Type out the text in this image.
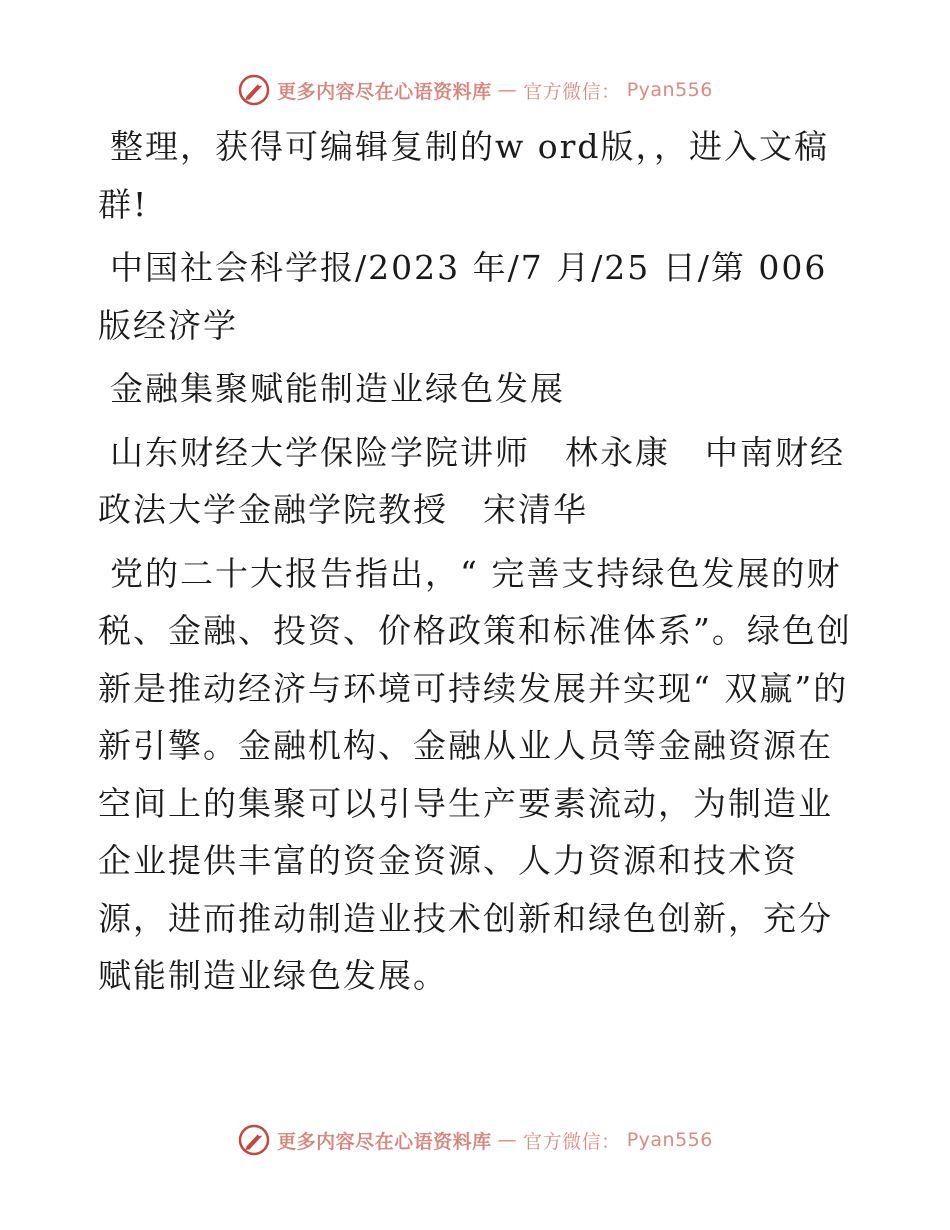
更多内容尽在心语资料库 — 官方微信： Pyan556

整理，获得可编辑复制的w ord版，，进入文稿群!

中国社会科学报/2023 年/7 月/25 日/第 006 版经济学

金融集聚赋能制造业绿色发展

山东财经大学保险学院讲师　林永康　中南财经政法大学金融学院教授　宋清华

党的二十大报告指出，“ 完善支持绿色发展的财税、金融、投资、价格政策和标准体系”。绿色创新是推动经济与环境可持续发展并实现“ 双赢”的新引擎。金融机构、金融从业人员等金融资源在空间上的集聚可以引导生产要素流动，为制造业企业提供丰富的资金资源、人力资源和技术资源，进而推动制造业技术创新和绿色创新，充分赋能制造业绿色发展。

更多内容尽在心语资料库 — 官方微信： Pyan556
